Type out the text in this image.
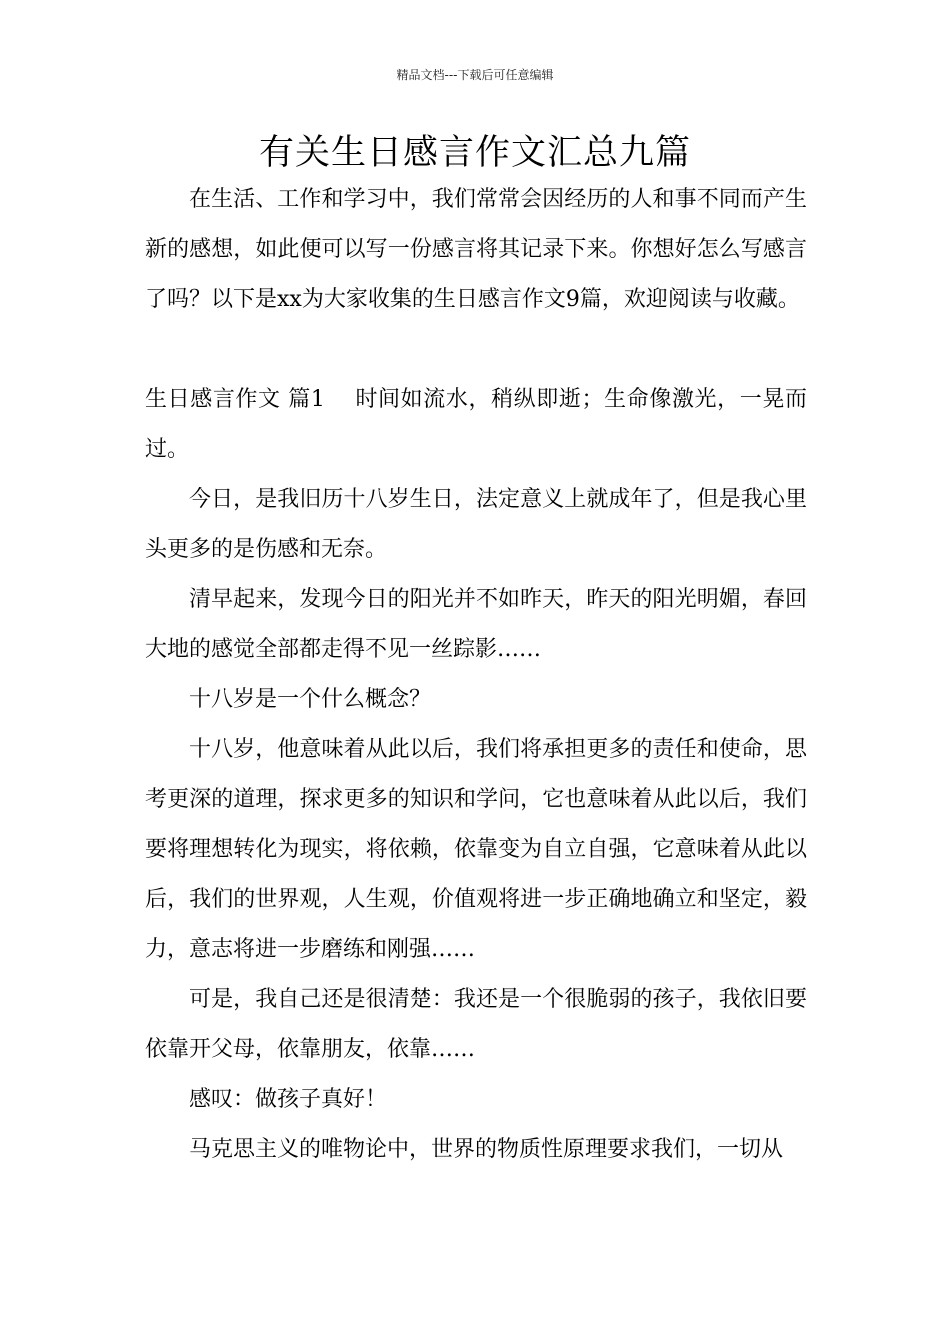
精品文档---下载后可任意编辑
有关生日感言作文汇总九篇

在生活、工作和学习中，我们常常会因经历的人和事不同而产生新的感想，如此便可以写一份感言将其记录下来。你想好怎么写感言了吗？以下是xx为大家收集的生日感言作文9篇，欢迎阅读与收藏。

生日感言作文 篇1 时间如流水，稍纵即逝；生命像激光，一晃而过。

今日，是我旧历十八岁生日，法定意义上就成年了，但是我心里头更多的是伤感和无奈。

清早起来，发现今日的阳光并不如昨天，昨天的阳光明媚，春回大地的感觉全部都走得不见一丝踪影……

十八岁是一个什么概念？

十八岁，他意味着从此以后，我们将承担更多的责任和使命，思考更深的道理，探求更多的知识和学问，它也意味着从此以后，我们要将理想转化为现实，将依赖，依靠变为自立自强，它意味着从此以后，我们的世界观，人生观，价值观将进一步正确地确立和坚定，毅力，意志将进一步磨练和刚强……

可是，我自己还是很清楚：我还是一个很脆弱的孩子，我依旧要依靠开父母，依靠朋友，依靠……

感叹：做孩子真好！

马克思主义的唯物论中，世界的物质性原理要求我们，一切从
